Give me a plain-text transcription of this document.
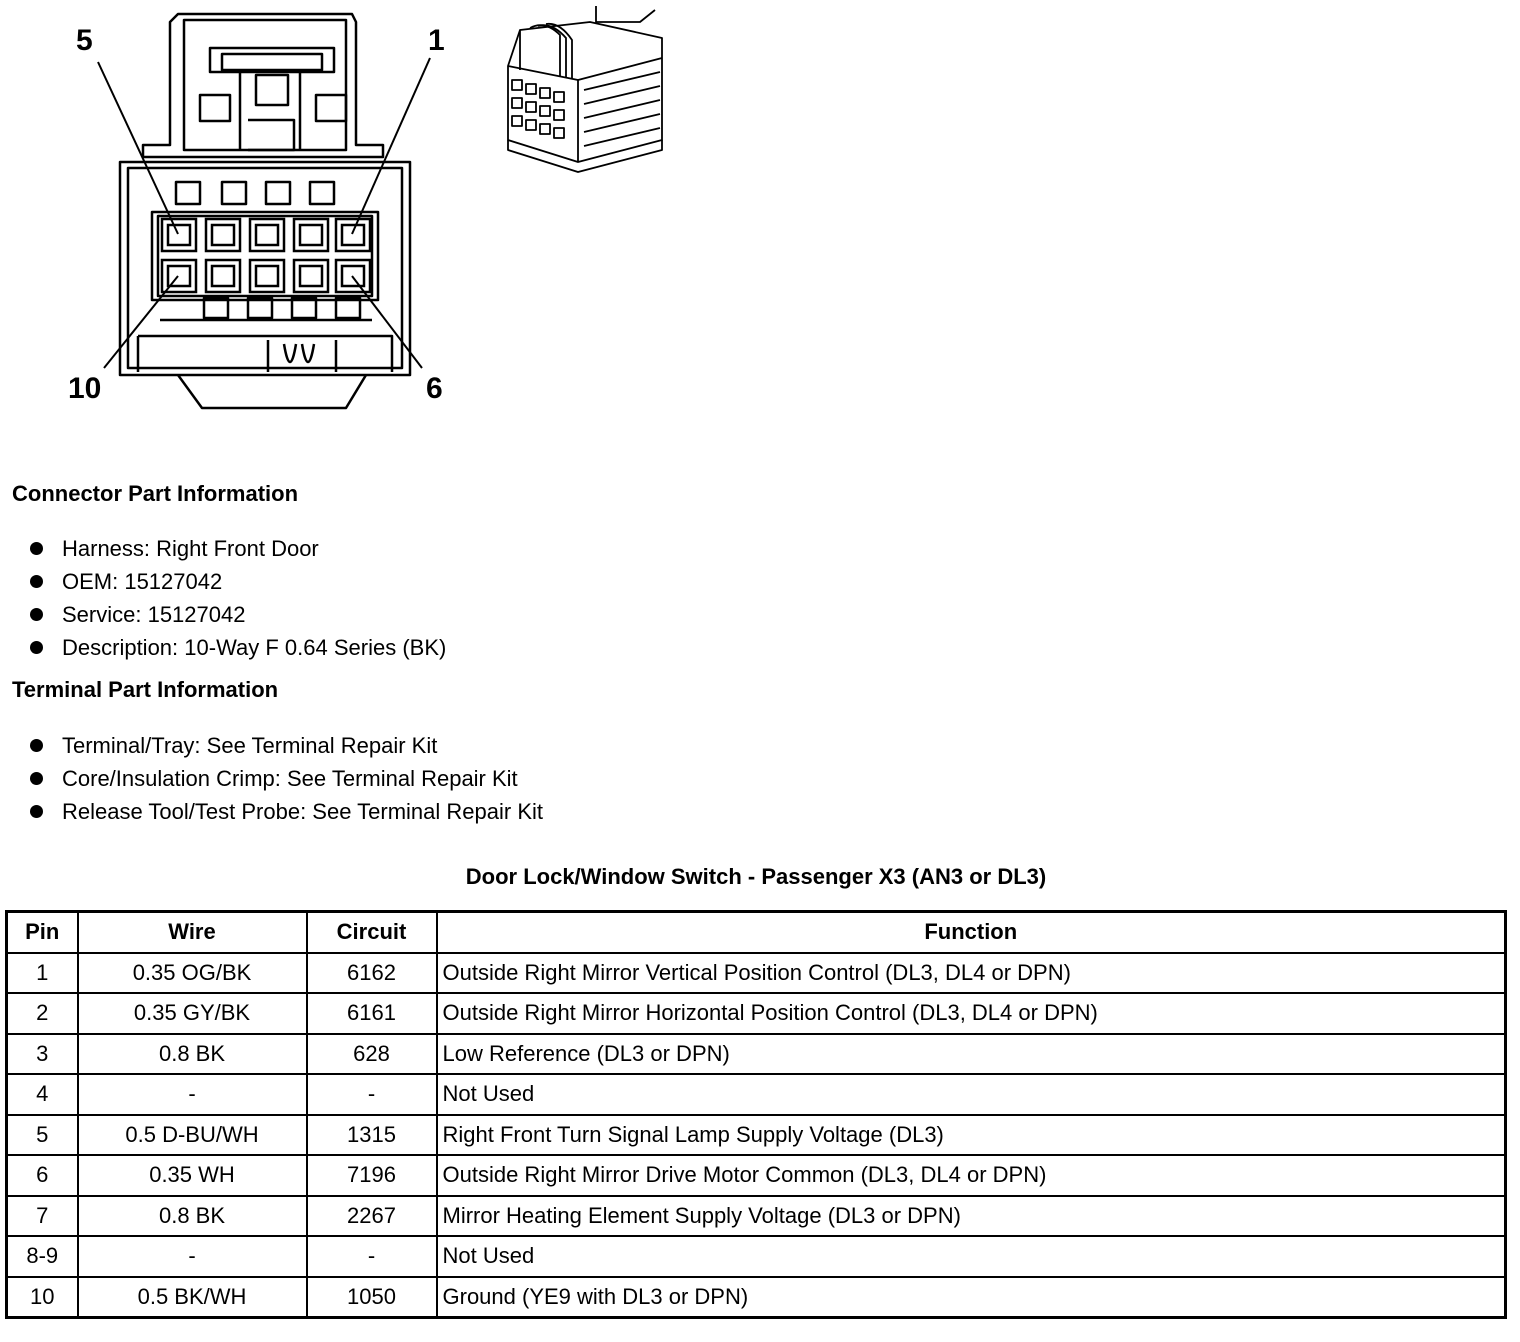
5	1
10	6
Connector Part Information
Harness: Right Front Door
OEM: 15127042
Service: 15127042
Description: 10-Way F 0.64 Series (BK)
Terminal Part Information
Terminal/Tray: See Terminal Repair Kit
Core/Insulation Crimp: See Terminal Repair Kit
Release Tool/Test Probe: See Terminal Repair Kit
Door Lock/Window Switch - Passenger X3 (AN3 or DL3)
Pin	Wire	Circuit	Function
1	0.35 OG/BK	6162	Outside Right Mirror Vertical Position Control (DL3, DL4 or DPN)
2	0.35 GY/BK	6161	Outside Right Mirror Horizontal Position Control (DL3, DL4 or DPN)
3	0.8 BK	628	Low Reference (DL3 or DPN)
4	-	-	Not Used
5	0.5 D-BU/WH	1315	Right Front Turn Signal Lamp Supply Voltage (DL3)
6	0.35 WH	7196	Outside Right Mirror Drive Motor Common (DL3, DL4 or DPN)
7	0.8 BK	2267	Mirror Heating Element Supply Voltage (DL3 or DPN)
8-9	-	-	Not Used
10	0.5 BK/WH	1050	Ground (YE9 with DL3 or DPN)
